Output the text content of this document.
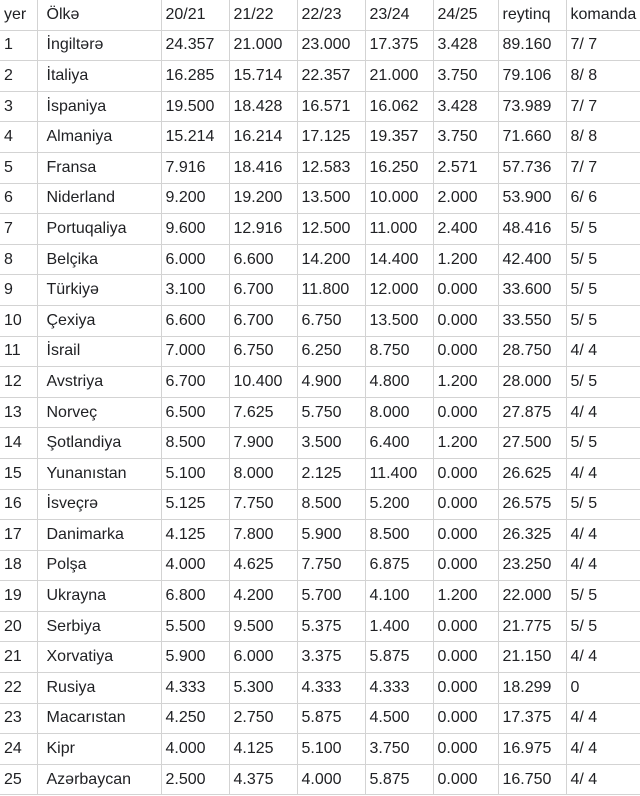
yer	Ölkə	20/21	21/22	22/23	23/24	24/25	reytinq	komanda
1	İngiltərə	24.357	21.000	23.000	17.375	3.428	89.160	7/ 7
2	İtaliya	16.285	15.714	22.357	21.000	3.750	79.106	8/ 8
3	İspaniya	19.500	18.428	16.571	16.062	3.428	73.989	7/ 7
4	Almaniya	15.214	16.214	17.125	19.357	3.750	71.660	8/ 8
5	Fransa	7.916	18.416	12.583	16.250	2.571	57.736	7/ 7
6	Niderland	9.200	19.200	13.500	10.000	2.000	53.900	6/ 6
7	Portuqaliya	9.600	12.916	12.500	11.000	2.400	48.416	5/ 5
8	Belçika	6.000	6.600	14.200	14.400	1.200	42.400	5/ 5
9	Türkiyə	3.100	6.700	11.800	12.000	0.000	33.600	5/ 5
10	Çexiya	6.600	6.700	6.750	13.500	0.000	33.550	5/ 5
11	İsrail	7.000	6.750	6.250	8.750	0.000	28.750	4/ 4
12	Avstriya	6.700	10.400	4.900	4.800	1.200	28.000	5/ 5
13	Norveç	6.500	7.625	5.750	8.000	0.000	27.875	4/ 4
14	Şotlandiya	8.500	7.900	3.500	6.400	1.200	27.500	5/ 5
15	Yunanıstan	5.100	8.000	2.125	11.400	0.000	26.625	4/ 4
16	İsveçrə	5.125	7.750	8.500	5.200	0.000	26.575	5/ 5
17	Danimarka	4.125	7.800	5.900	8.500	0.000	26.325	4/ 4
18	Polşa	4.000	4.625	7.750	6.875	0.000	23.250	4/ 4
19	Ukrayna	6.800	4.200	5.700	4.100	1.200	22.000	5/ 5
20	Serbiya	5.500	9.500	5.375	1.400	0.000	21.775	5/ 5
21	Xorvatiya	5.900	6.000	3.375	5.875	0.000	21.150	4/ 4
22	Rusiya	4.333	5.300	4.333	4.333	0.000	18.299	0
23	Macarıstan	4.250	2.750	5.875	4.500	0.000	17.375	4/ 4
24	Kipr	4.000	4.125	5.100	3.750	0.000	16.975	4/ 4
25	Azərbaycan	2.500	4.375	4.000	5.875	0.000	16.750	4/ 4
